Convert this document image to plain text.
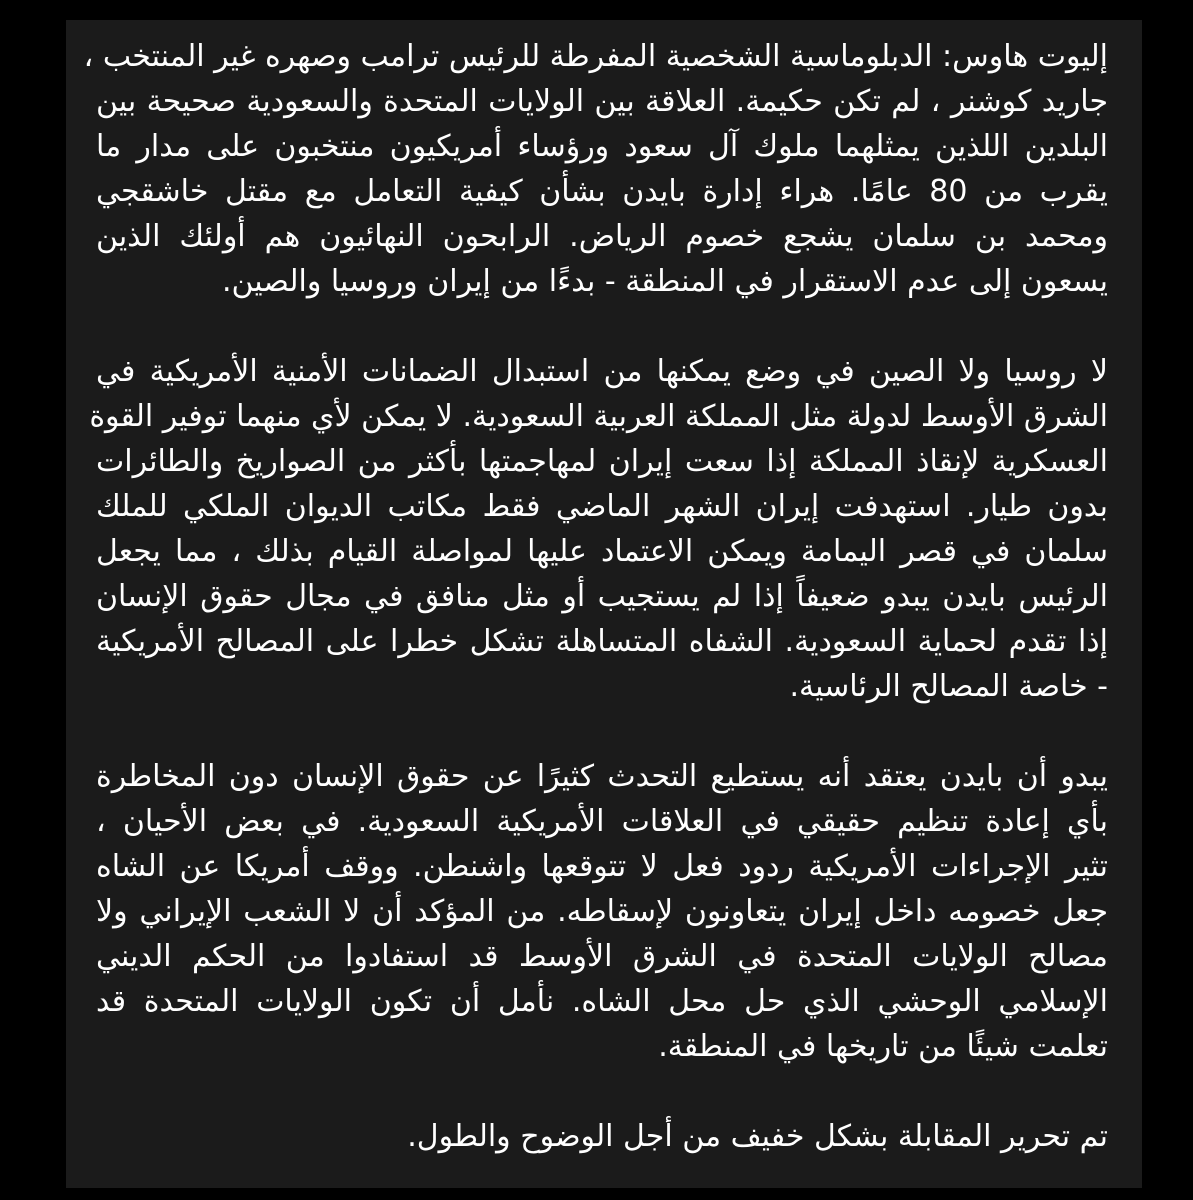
إليوت هاوس: الدبلوماسية الشخصية المفرطة للرئيس ترامب وصهره غير المنتخب ،
جاريد كوشنر ، لم تكن حكيمة. العلاقة بين الولايات المتحدة والسعودية صحيحة بين
البلدين اللذين يمثلهما ملوك آل سعود ورؤساء أمريكيون منتخبون على مدار ما
يقرب من 80 عامًا. هراء إدارة بايدن بشأن كيفية التعامل مع مقتل خاشقجي
ومحمد بن سلمان يشجع خصوم الرياض. الرابحون النهائيون هم أولئك الذين
يسعون إلى عدم الاستقرار في المنطقة - بدءًا من إيران وروسيا والصين.
لا روسيا ولا الصين في وضع يمكنها من استبدال الضمانات الأمنية الأمريكية في
الشرق الأوسط لدولة مثل المملكة العربية السعودية. لا يمكن لأي منهما توفير القوة
العسكرية لإنقاذ المملكة إذا سعت إيران لمهاجمتها بأكثر من الصواريخ والطائرات
بدون طيار. استهدفت إيران الشهر الماضي فقط مكاتب الديوان الملكي للملك
سلمان في قصر اليمامة ويمكن الاعتماد عليها لمواصلة القيام بذلك ، مما يجعل
الرئيس بايدن يبدو ضعيفاً إذا لم يستجيب أو مثل منافق في مجال حقوق الإنسان
إذا تقدم لحماية السعودية. الشفاه المتساهلة تشكل خطرا على المصالح الأمريكية
- خاصة المصالح الرئاسية.
يبدو أن بايدن يعتقد أنه يستطيع التحدث كثيرًا عن حقوق الإنسان دون المخاطرة
بأي إعادة تنظيم حقيقي في العلاقات الأمريكية السعودية. في بعض الأحيان ،
تثير الإجراءات الأمريكية ردود فعل لا تتوقعها واشنطن. ووقف أمريكا عن الشاه
جعل خصومه داخل إيران يتعاونون لإسقاطه. من المؤكد أن لا الشعب الإيراني ولا
مصالح الولايات المتحدة في الشرق الأوسط قد استفادوا من الحكم الديني
الإسلامي الوحشي الذي حل محل الشاه. نأمل أن تكون الولايات المتحدة قد
تعلمت شيئًا من تاريخها في المنطقة.
تم تحرير المقابلة بشكل خفيف من أجل الوضوح والطول.
